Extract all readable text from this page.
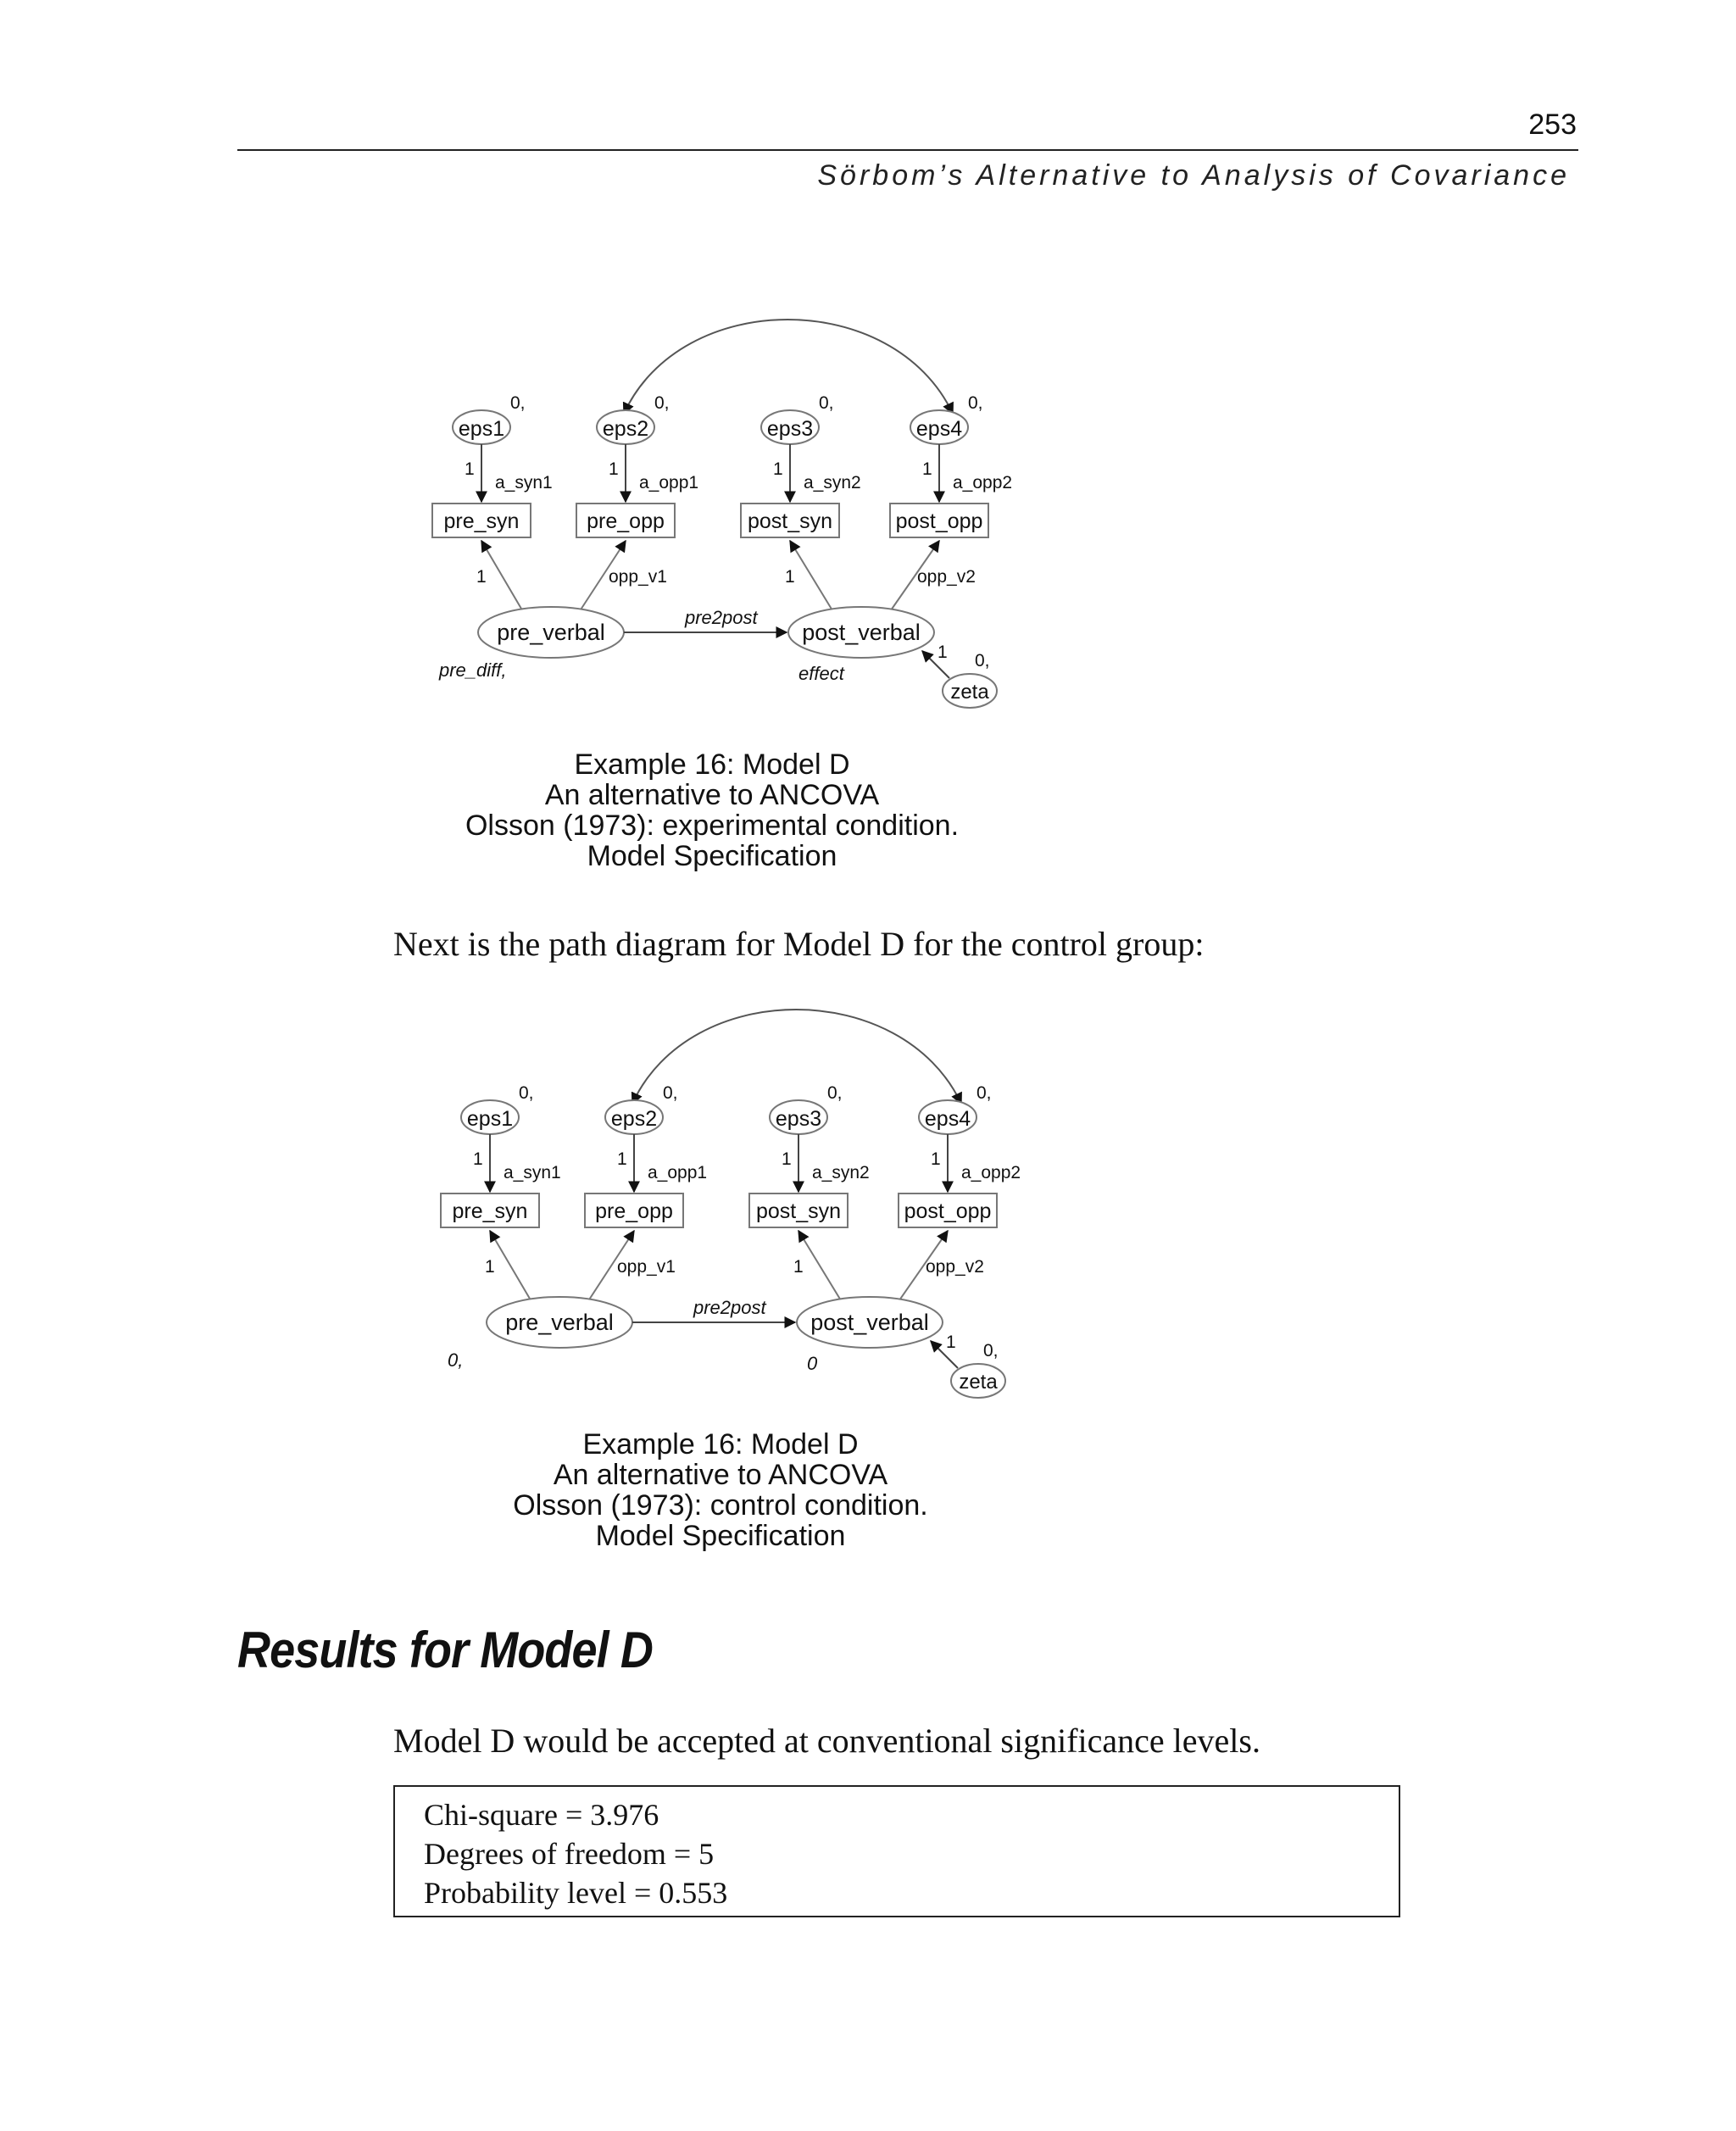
253
Sörbom’s Alternative to Analysis of Covariance
eps1	eps2	eps3	eps4
0,	0,	0,	0,
1	1	1	1
a_syn1	a_opp1	a_syn2	a_opp2
pre_syn	pre_opp	post_syn	post_opp
1	opp_v1	1	opp_v2
pre_verbal	post_verbal
pre2post
pre_diff,	effect
zeta
1 0,
Example 16: Model D
An alternative to ANCOVA
Olsson (1973): experimental condition.
Model Specification
Next is the path diagram for Model D for the control group:
eps1	eps2	eps3	eps4
0,	0,	0,	0,
1	1	1	1
a_syn1	a_opp1	a_syn2	a_opp2
pre_syn	pre_opp	post_syn	post_opp
1	opp_v1	1	opp_v2
pre_verbal	post_verbal
pre2post
0,	0
zeta
1 0,
Example 16: Model D
An alternative to ANCOVA
Olsson (1973): control condition.
Model Specification
Results for Model D
Model D would be accepted at conventional significance levels.
Chi-square = 3.976
Degrees of freedom = 5
Probability level = 0.553
